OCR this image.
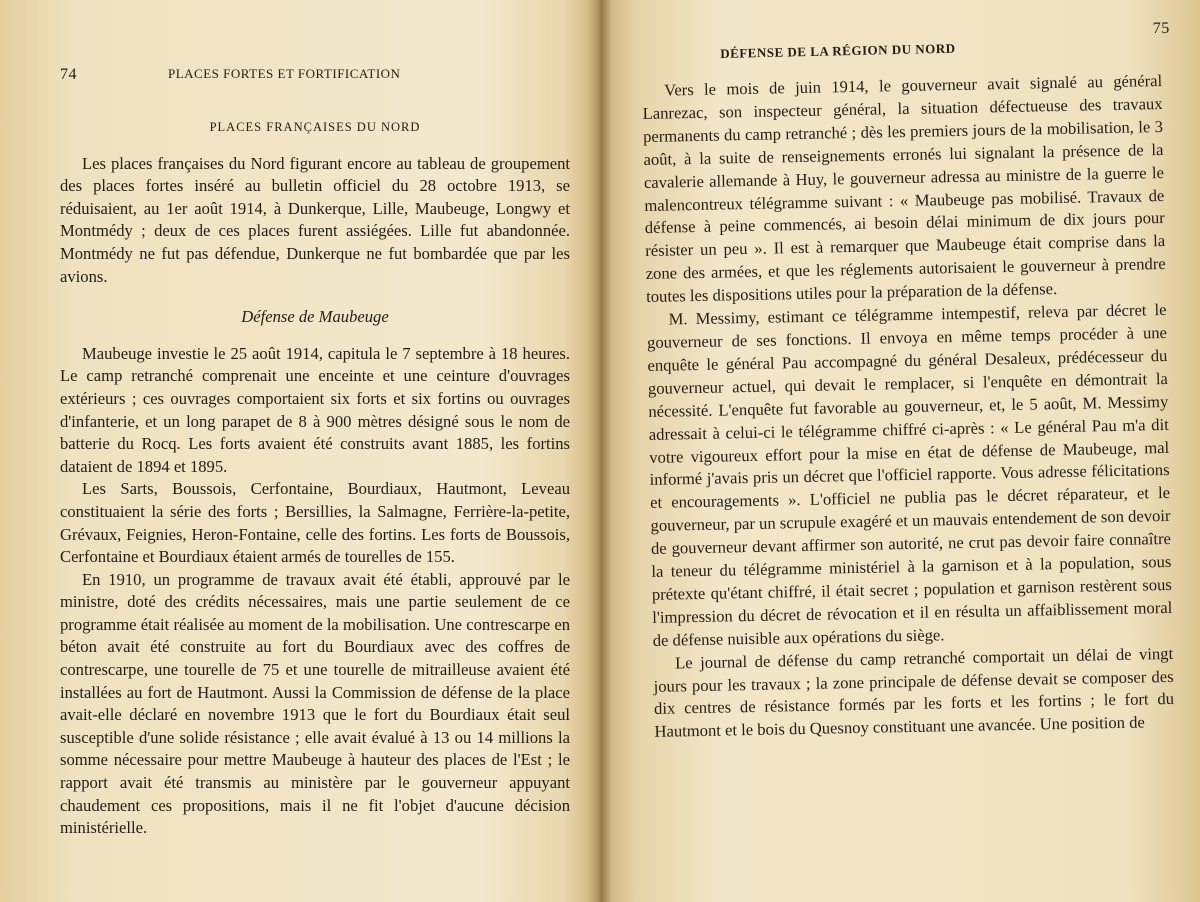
74	PLACES FORTES ET FORTIFICATION
PLACES FRANÇAISES DU NORD

Les places françaises du Nord figurant encore au tableau de groupement des places fortes inséré au bulletin officiel du 28 octobre 1913, se réduisaient, au 1er août 1914, à Dunkerque, Lille, Maubeuge, Longwy et Montmédy ; deux de ces places furent assiégées. Lille fut abandonnée. Montmédy ne fut pas défendue, Dunkerque ne fut bombardée que par les avions.

Défense de Maubeuge

Maubeuge investie le 25 août 1914, capitula le 7 septembre à 18 heures. Le camp retranché comprenait une enceinte et une ceinture d'ouvrages extérieurs ; ces ouvrages comportaient six forts et six fortins ou ouvrages d'infanterie, et un long parapet de 8 à 900 mètres désigné sous le nom de batterie du Rocq. Les forts avaient été construits avant 1885, les fortins dataient de 1894 et 1895.

Les Sarts, Boussois, Cerfontaine, Bourdiaux, Hautmont, Leveau constituaient la série des forts ; Bersillies, la Salmagne, Ferrière-la-petite, Grévaux, Feignies, Heron-Fontaine, celle des fortins. Les forts de Boussois, Cerfontaine et Bourdiaux étaient armés de tourelles de 155.

En 1910, un programme de travaux avait été établi, approuvé par le ministre, doté des crédits nécessaires, mais une partie seulement de ce programme était réalisée au moment de la mobilisation. Une contrescarpe en béton avait été construite au fort du Bourdiaux avec des coffres de contrescarpe, une tourelle de 75 et une tourelle de mitrailleuse avaient été installées au fort de Hautmont. Aussi la Commission de défense de la place avait-elle déclaré en novembre 1913 que le fort du Bourdiaux était seul susceptible d'une solide résistance ; elle avait évalué à 13 ou 14 millions la somme nécessaire pour mettre Maubeuge à hauteur des places de l'Est ; le rapport avait été transmis au ministère par le gouverneur appuyant chaudement ces propositions, mais il ne fit l'objet d'aucune décision ministérielle.

DÉFENSE DE LA RÉGION DU NORD
75

Vers le mois de juin 1914, le gouverneur avait signalé au général Lanrezac, son inspecteur général, la situation défectueuse des travaux permanents du camp retranché ; dès les premiers jours de la mobilisation, le 3 août, à la suite de renseignements erronés lui signalant la présence de la cavalerie allemande à Huy, le gouverneur adressa au ministre de la guerre le malencontreux télégramme suivant : « Maubeuge pas mobilisé. Travaux de défense à peine commencés, ai besoin délai minimum de dix jours pour résister un peu ». Il est à remarquer que Maubeuge était comprise dans la zone des armées, et que les réglements autorisaient le gouverneur à prendre toutes les dispositions utiles pour la préparation de la défense.

M. Messimy, estimant ce télégramme intempestif, releva par décret le gouverneur de ses fonctions. Il envoya en même temps procéder à une enquête le général Pau accompagné du général Desaleux, prédécesseur du gouverneur actuel, qui devait le remplacer, si l'enquête en démontrait la nécessité. L'enquête fut favorable au gouverneur, et, le 5 août, M. Messimy adressait à celui-ci le télégramme chiffré ci-après : « Le général Pau m'a dit votre vigoureux effort pour la mise en état de défense de Maubeuge, mal informé j'avais pris un décret que l'officiel rapporte. Vous adresse félicitations et encouragements ». L'officiel ne publia pas le décret réparateur, et le gouverneur, par un scrupule exagéré et un mauvais entendement de son devoir de gouverneur devant affirmer son autorité, ne crut pas devoir faire connaître la teneur du télégramme ministériel à la garnison et à la population, sous prétexte qu'étant chiffré, il était secret ; population et garnison restèrent sous l'impression du décret de révocation et il en résulta un affaiblissement moral de défense nuisible aux opérations du siège.

Le journal de défense du camp retranché comportait un délai de vingt jours pour les travaux ; la zone principale de défense devait se composer des dix centres de résistance formés par les forts et les fortins ; le fort du Hautmont et le bois du Quesnoy constituant une avancée. Une position de
